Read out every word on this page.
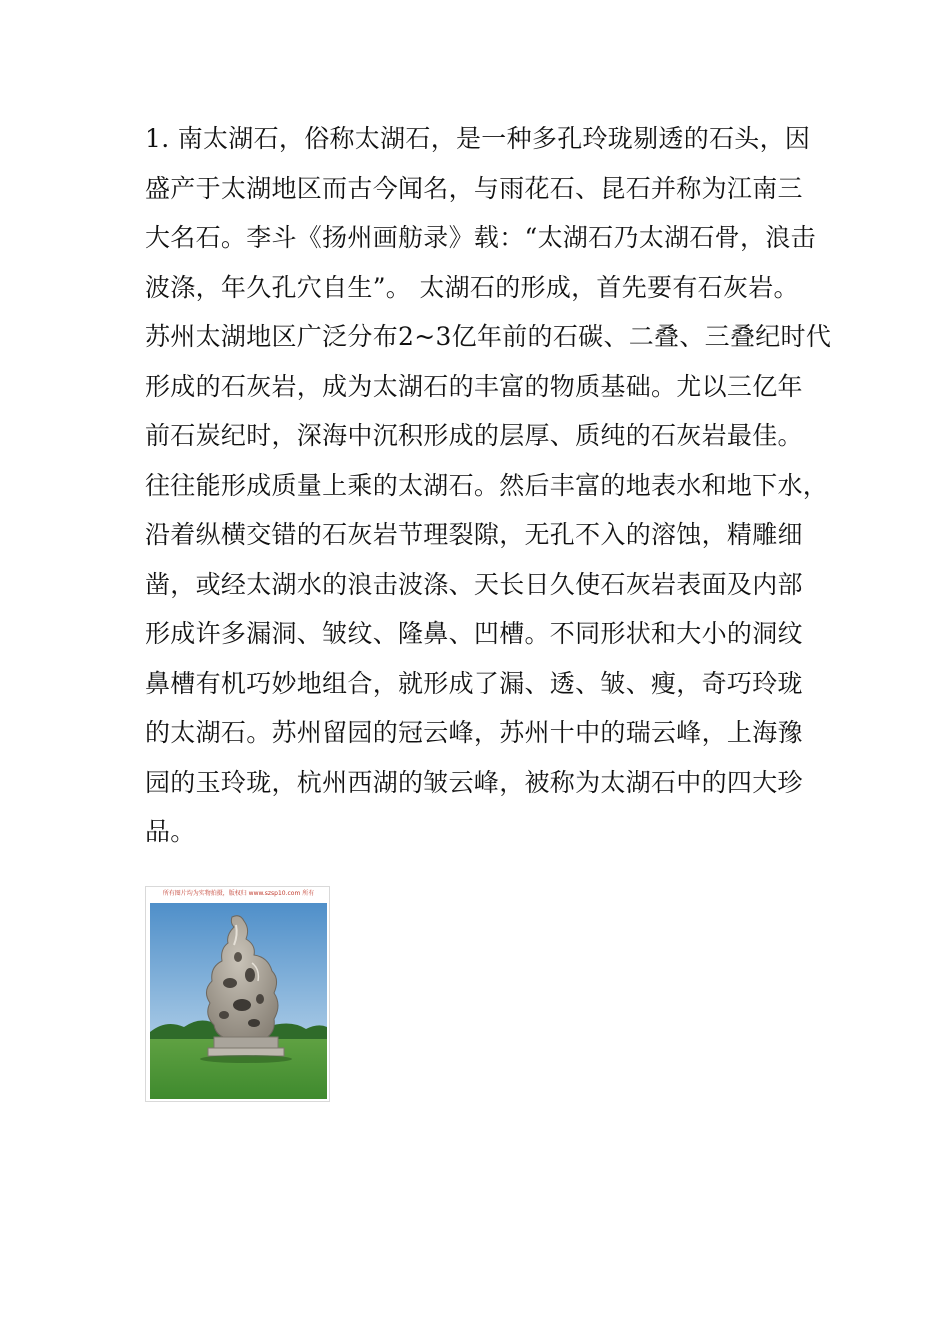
1. 南太湖石，俗称太湖石，是一种多孔玲珑剔透的石头，因
盛产于太湖地区而古今闻名，与雨花石、昆石并称为江南三
大名石。李斗《扬州画舫录》载：“太湖石乃太湖石骨，浪击
波涤，年久孔穴自生”。 太湖石的形成，首先要有石灰岩。
苏州太湖地区广泛分布2~3亿年前的石碳、二叠、三叠纪时代
形成的石灰岩，成为太湖石的丰富的物质基础。尤以三亿年
前石炭纪时，深海中沉积形成的层厚、质纯的石灰岩最佳。
往往能形成质量上乘的太湖石。然后丰富的地表水和地下水，
沿着纵横交错的石灰岩节理裂隙，无孔不入的溶蚀，精雕细
凿，或经太湖水的浪击波涤、天长日久使石灰岩表面及内部
形成许多漏洞、皱纹、隆鼻、凹槽。不同形状和大小的洞纹
鼻槽有机巧妙地组合，就形成了漏、透、皱、瘦，奇巧玲珑
的太湖石。苏州留园的冠云峰，苏州十中的瑞云峰，上海豫
园的玉玲珑，杭州西湖的皱云峰，被称为太湖石中的四大珍
品。
所有图片均为实物拍摄，版权归 www.szsp10.com 所有
